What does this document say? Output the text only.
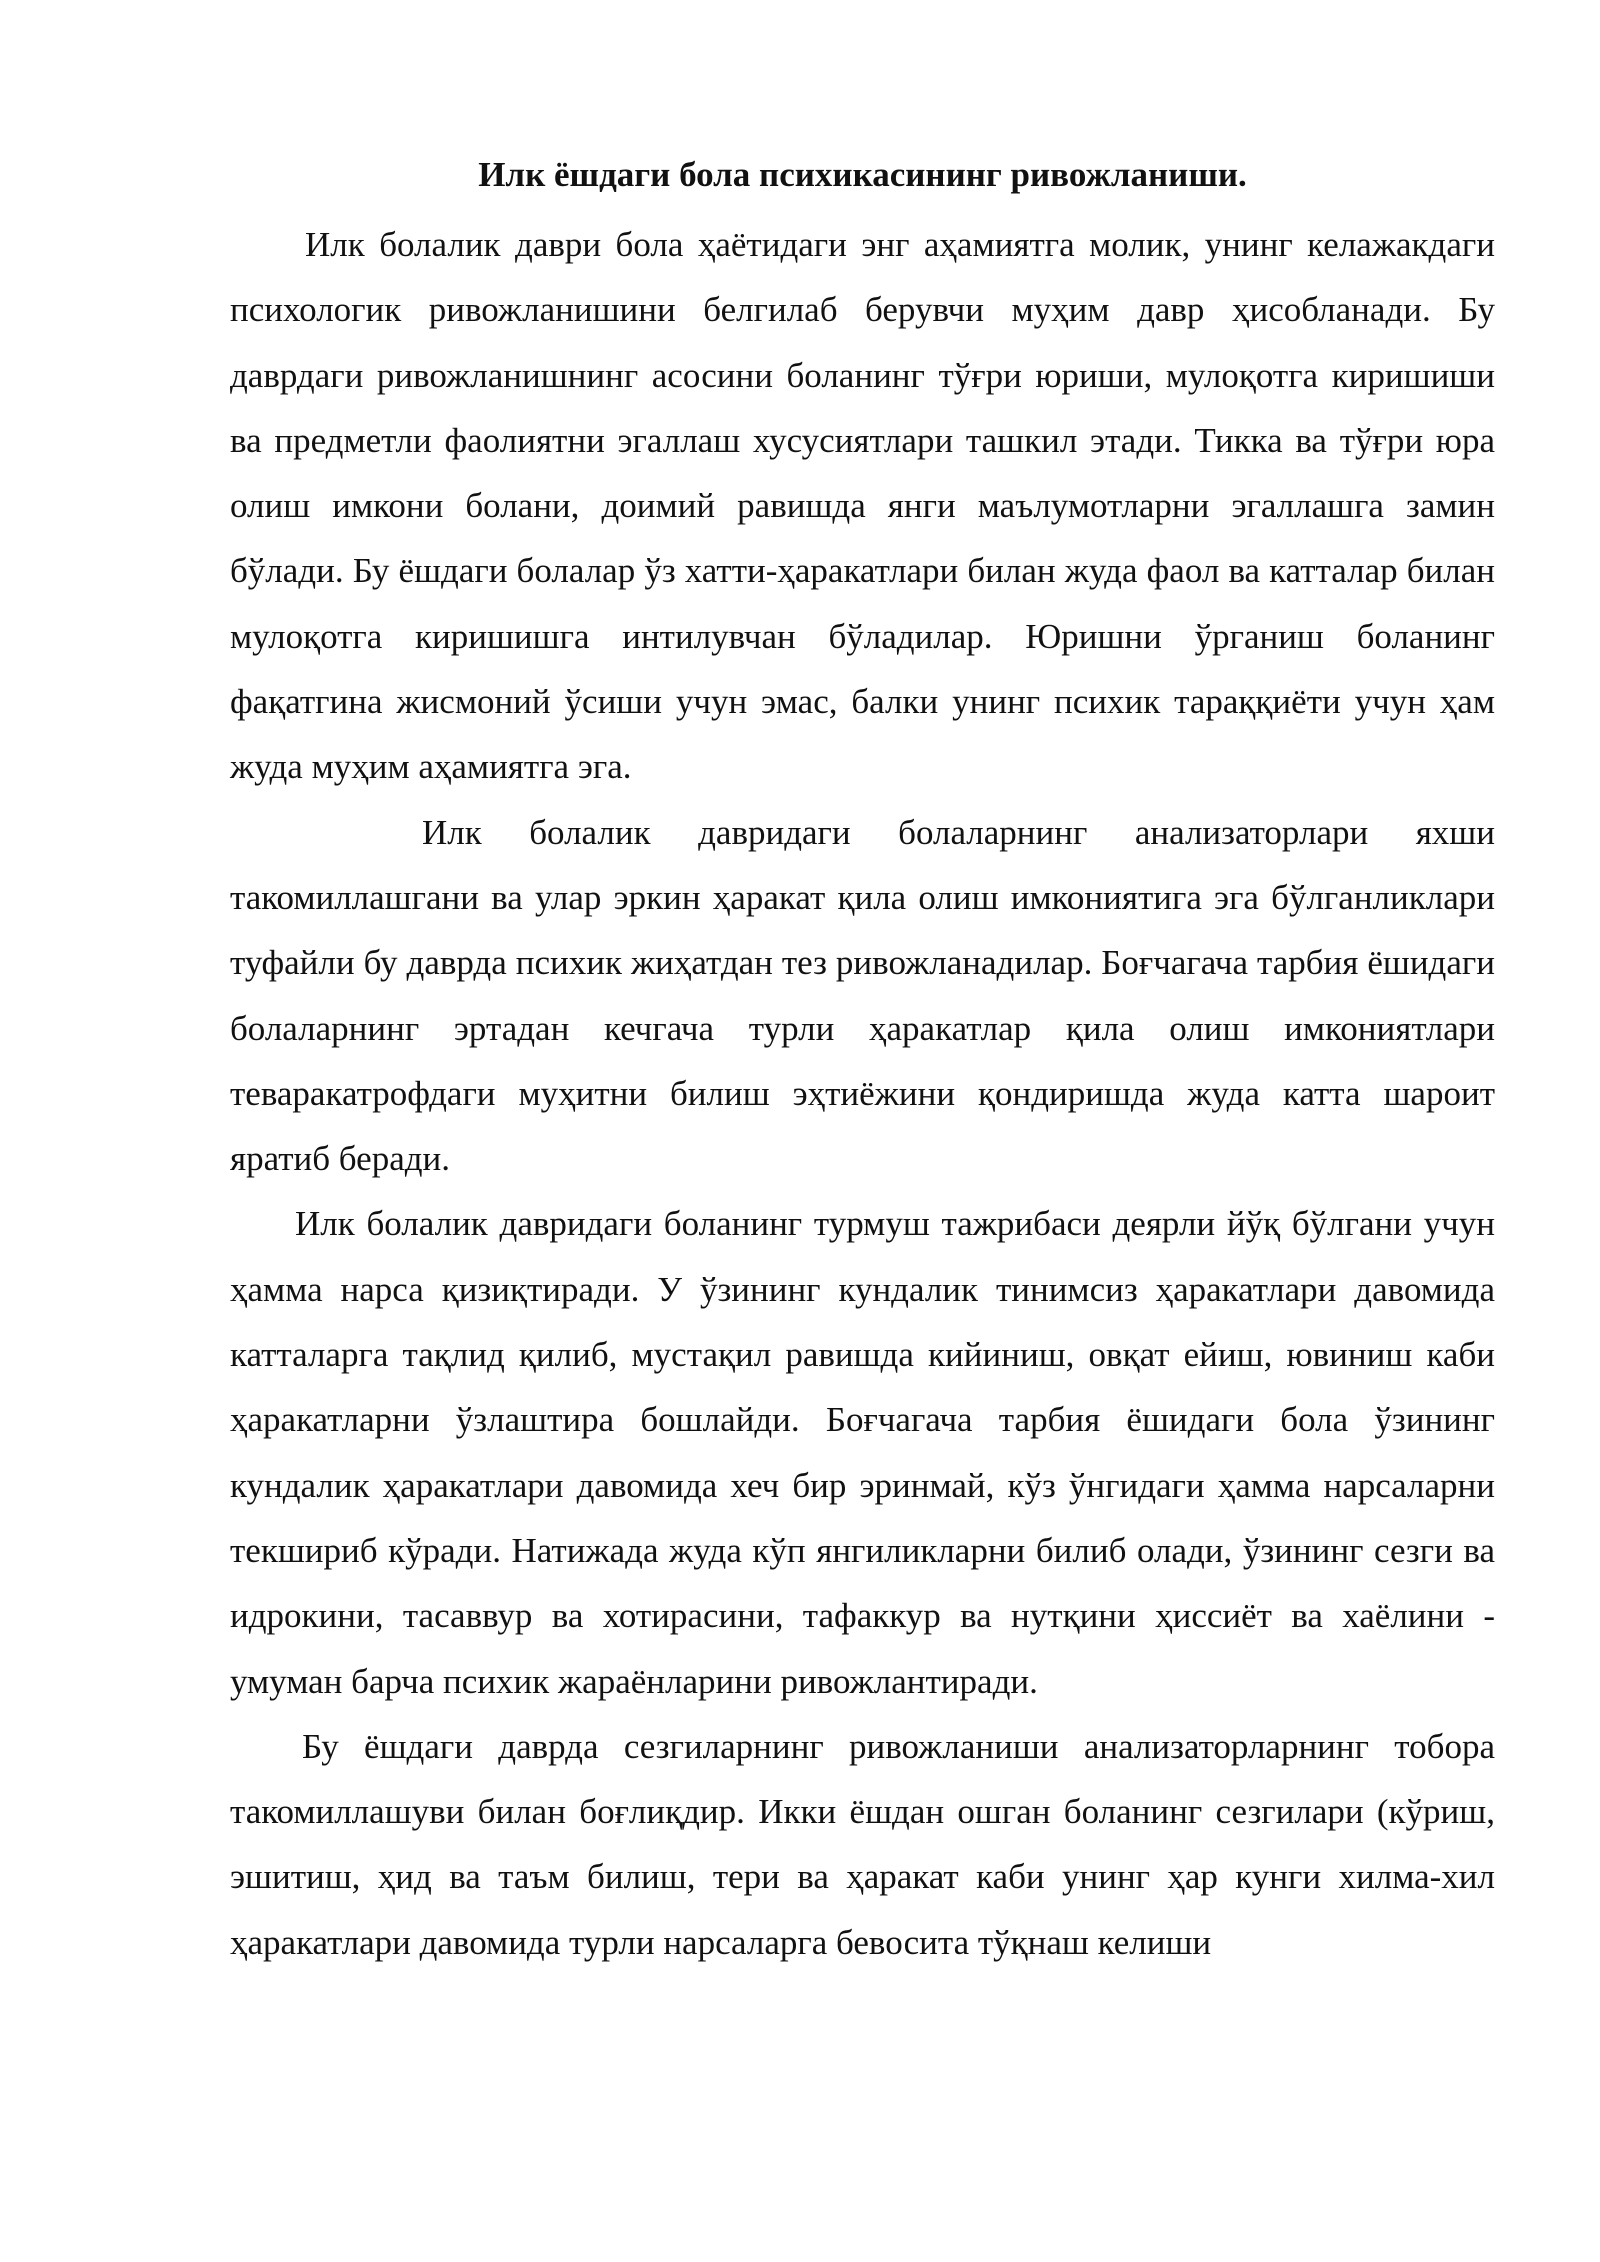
Илк ёшдаги бола психикасининг ривожланиши.

Илк болалик даври бола ҳаётидаги энг аҳамиятга молик, унинг келажакдаги психологик ривожланишини белгилаб берувчи муҳим давр ҳисобланади. Бу даврдаги ривожланишнинг асосини боланинг тўғри юриши, мулоқотга киришиши ва предметли фаолиятни эгаллаш хусусиятлари ташкил этади. Тикка ва тўғри юра олиш имкони болани, доимий равишда янги маълумотларни эгаллашга замин бўлади. Бу ёшдаги болалар ўз хатти-ҳаракатлари билан жуда фаол ва катталар билан мулоқотга киришишга интилувчан бўладилар. Юришни ўрганиш боланинг фақатгина жисмоний ўсиши учун эмас, балки унинг психик тараққиёти учун ҳам жуда муҳим аҳамиятга эга.

Илк болалик давридаги болаларнинг анализаторлари яхши такомиллашгани ва улар эркин ҳаракат қила олиш имкониятига эга бўлганликлари туфайли бу даврда психик жиҳатдан тез ривожланадилар. Боғчагача тарбия ёшидаги болаларнинг эртадан кечгача турли ҳаракатлар қила олиш имкониятлари теваракатрофдаги муҳитни билиш эҳтиёжини қондиришда жуда катта шароит яратиб беради.

Илк болалик давридаги боланинг турмуш тажрибаси деярли йўқ бўлгани учун ҳамма нарса қизиқтиради. У ўзининг кундалик тинимсиз ҳаракатлари давомида катталарга тақлид қилиб, мустақил равишда кийиниш, овқат ейиш, ювиниш каби ҳаракатларни ўзлаштира бошлайди. Боғчагача тарбия ёшидаги бола ўзининг кундалик ҳаракатлари давомида хеч бир эринмай, кўз ўнгидаги ҳамма нарсаларни текшириб кўради. Натижада жуда кўп янгиликларни билиб олади, ўзининг сезги ва идрокини, тасаввур ва хотирасини, тафаккур ва нутқини ҳиссиёт ва хаёлини - умуман барча психик жараёнларини ривожлантиради.

Бу ёшдаги даврда сезгиларнинг ривожланиши анализаторларнинг тобора такомиллашуви билан боғлиқдир. Икки ёшдан ошган боланинг сезгилари (кўриш, эшитиш, ҳид ва таъм билиш, тери ва ҳаракат каби унинг ҳар кунги хилма-хил ҳаракатлари давомида турли нарсаларга бевосита тўқнаш келиши
